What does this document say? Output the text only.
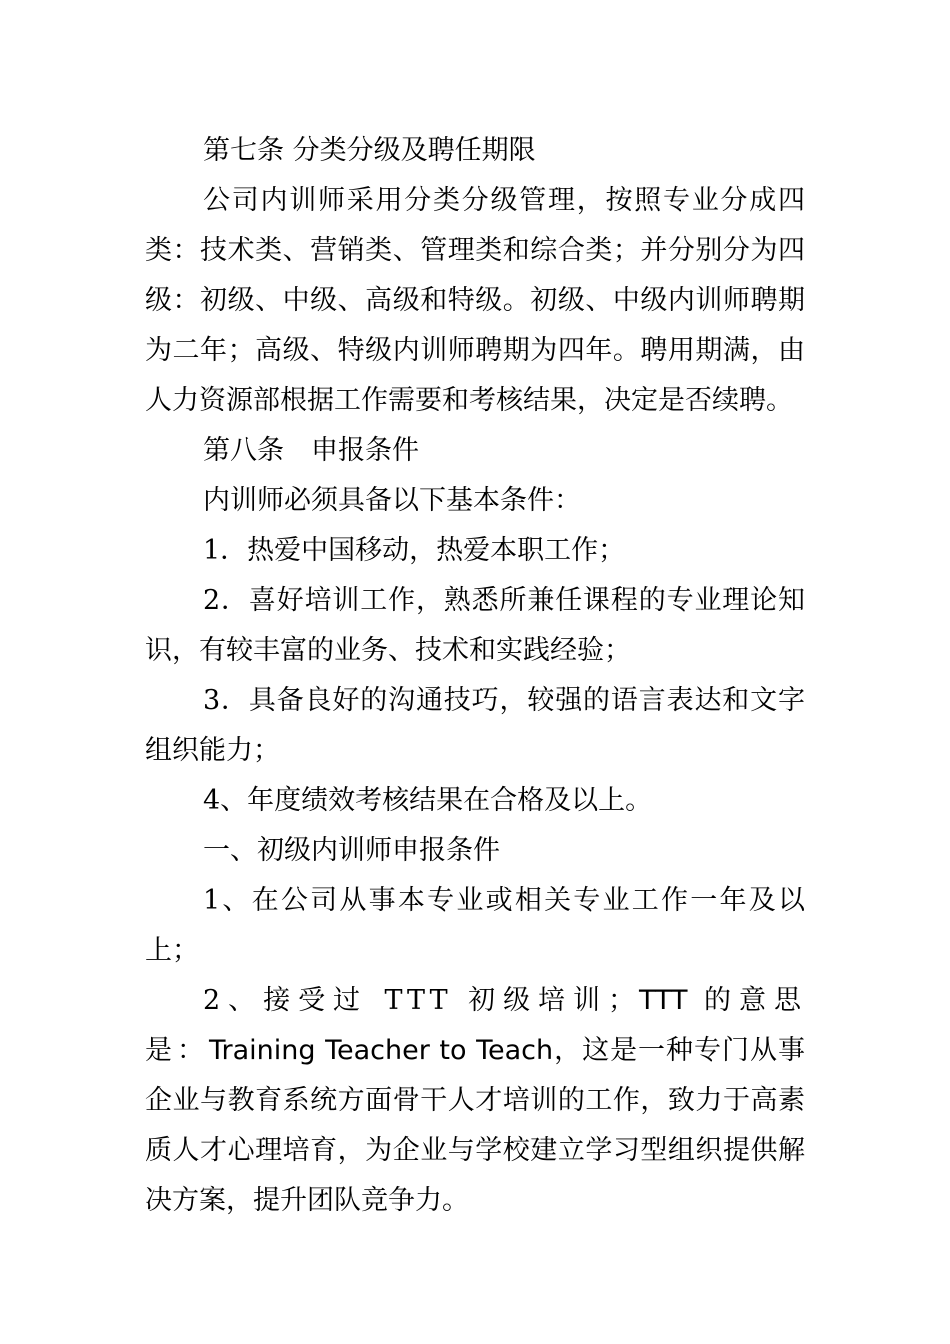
第七条 分类分级及聘任期限

公司内训师采用分类分级管理，按照专业分成四类：技术类、营销类、管理类和综合类；并分别分为四级：初级、中级、高级和特级。初级、中级内训师聘期为二年；高级、特级内训师聘期为四年。聘用期满，由人力资源部根据工作需要和考核结果，决定是否续聘。

第八条　申报条件

内训师必须具备以下基本条件：

1．热爱中国移动，热爱本职工作；

2．喜好培训工作，熟悉所兼任课程的专业理论知识，有较丰富的业务、技术和实践经验；

3．具备良好的沟通技巧，较强的语言表达和文字组织能力；

4、年度绩效考核结果在合格及以上。

一、初级内训师申报条件

1、在公司从事本专业或相关专业工作一年及以上；

2、接受过 TTT 初级培训；TTT 的意思是：Training Teacher to Teach，这是一种专门从事企业与教育系统方面骨干人才培训的工作，致力于高素质人才心理培育，为企业与学校建立学习型组织提供解决方案，提升团队竞争力。
